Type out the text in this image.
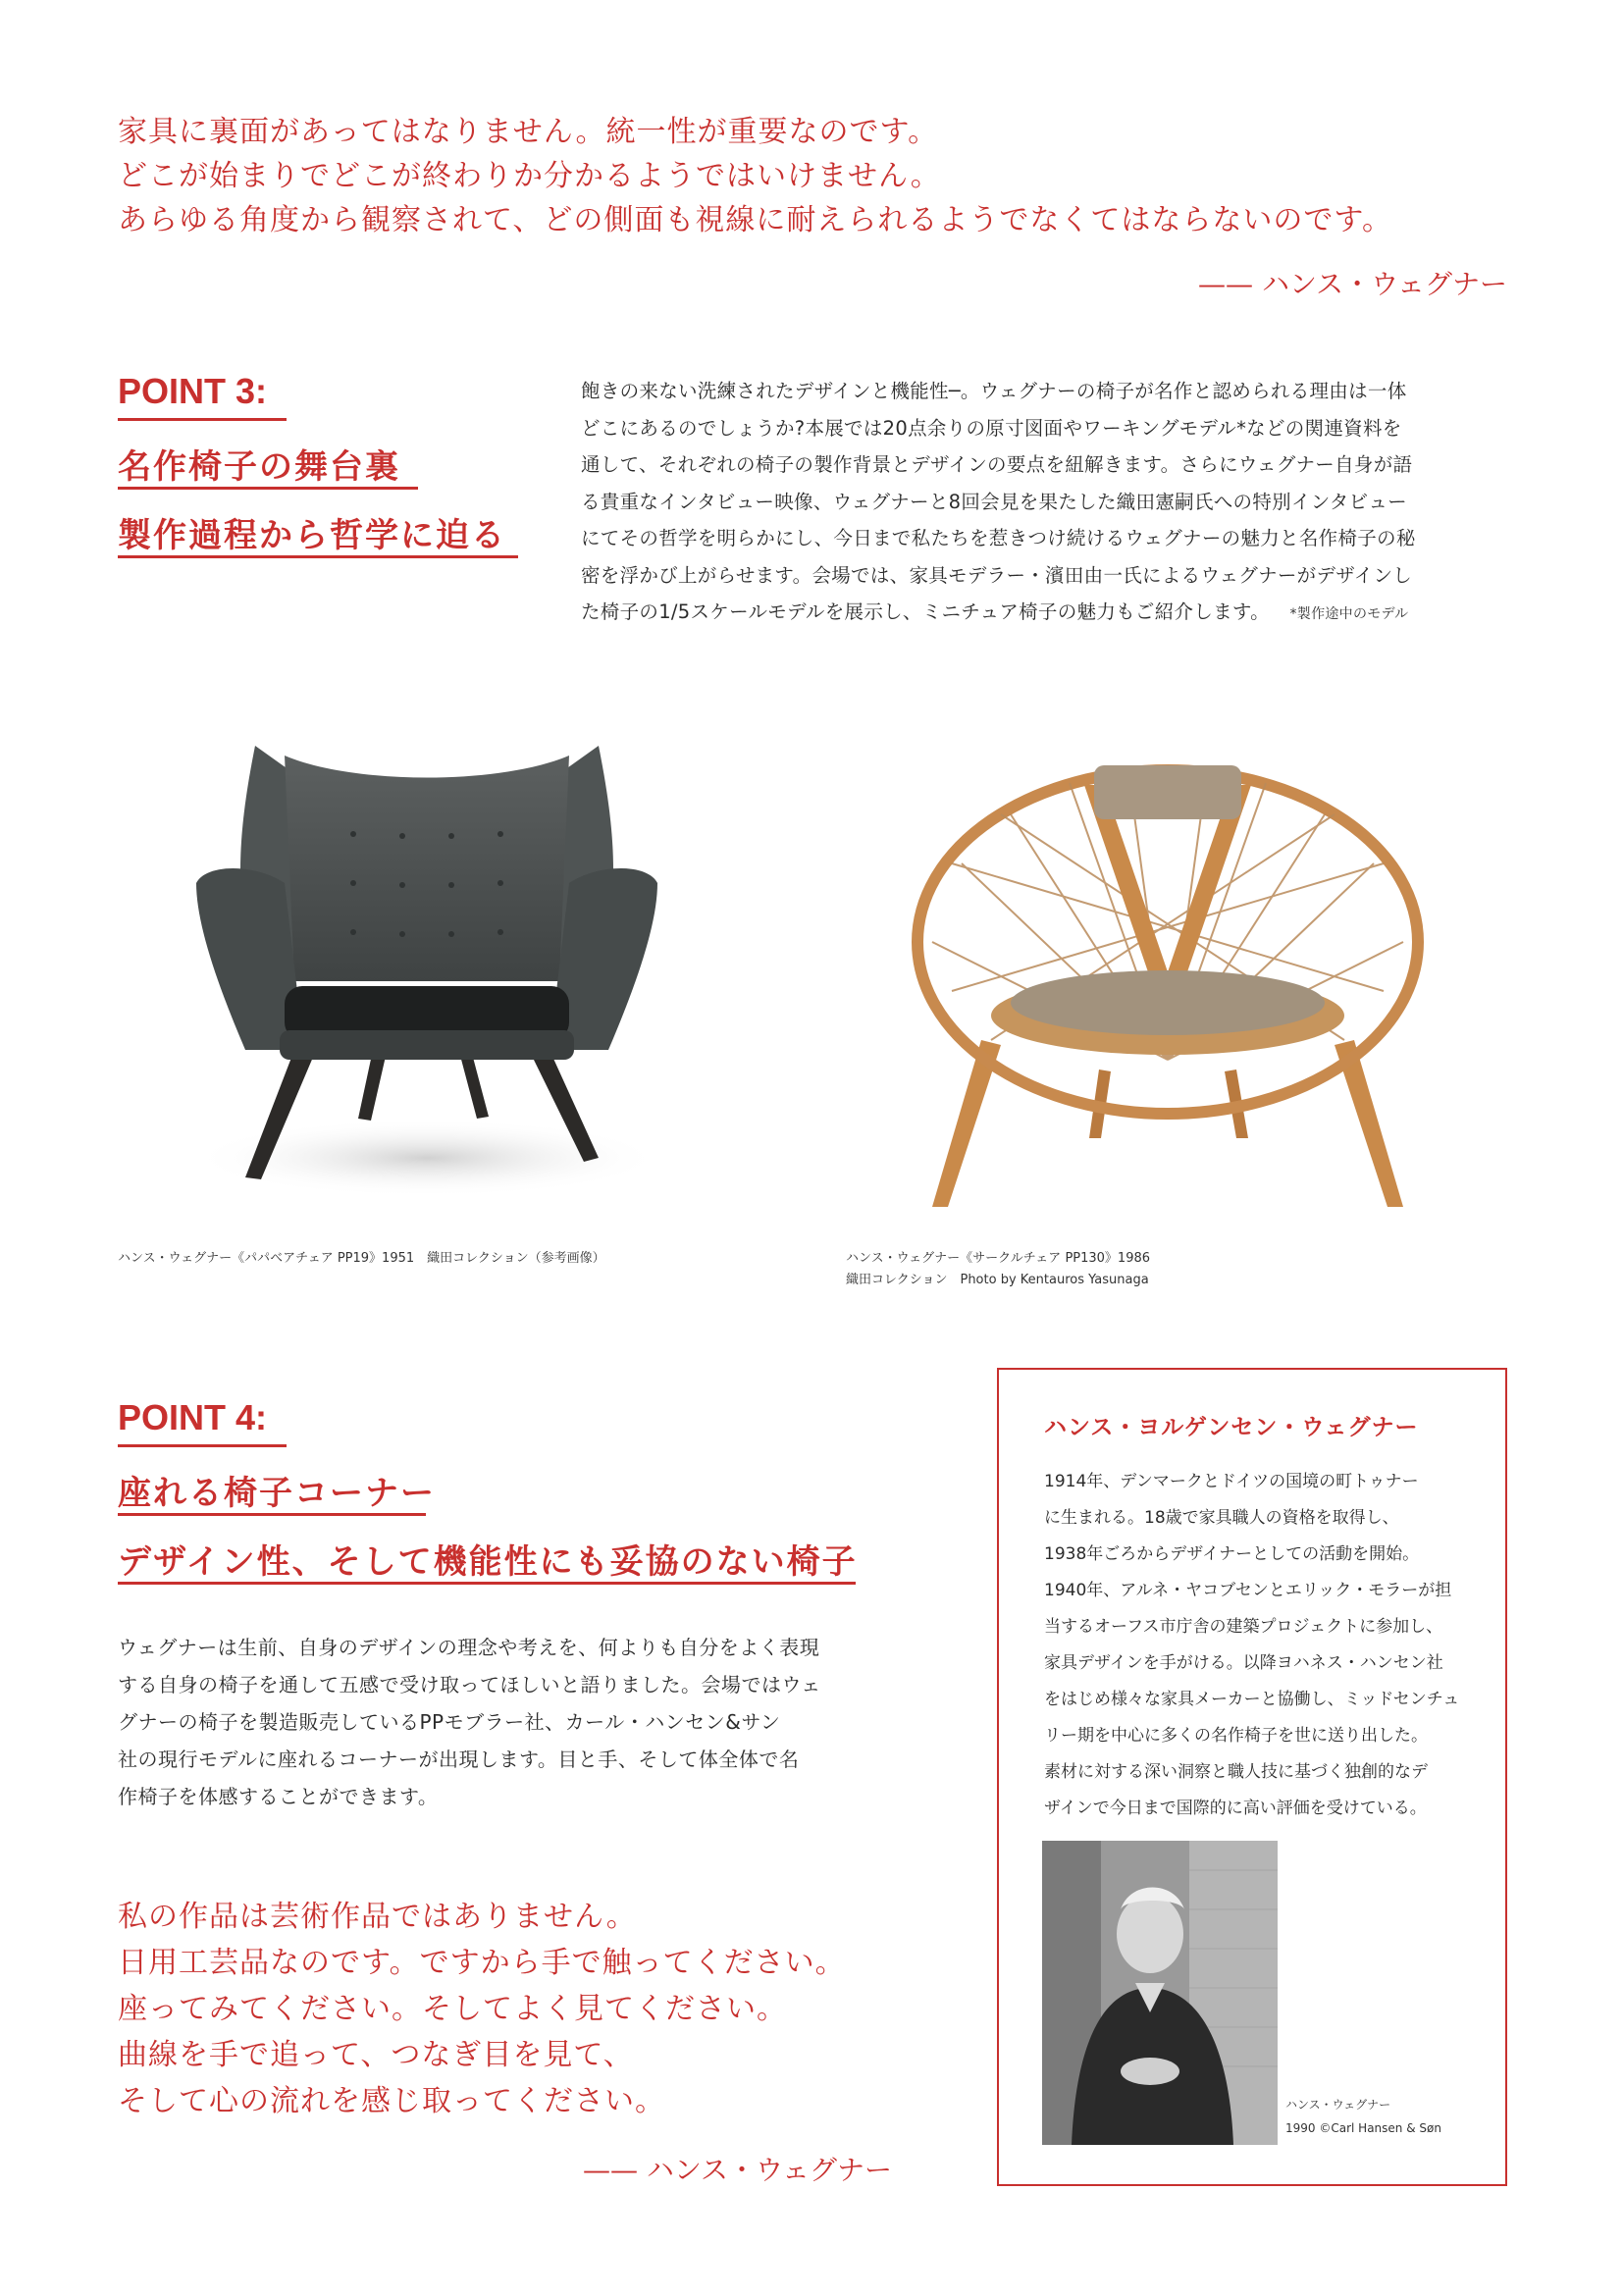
家具に裏面があってはなりません。統一性が重要なのです。
どこが始まりでどこが終わりか分かるようではいけません。
あらゆる角度から観察されて、どの側面も視線に耐えられるようでなくてはならないのです。
—— ハンス・ウェグナー
POINT 3:
名作椅子の舞台裏
製作過程から哲学に迫る
飽きの来ない洗練されたデザインと機能性─。ウェグナーの椅子が名作と認められる理由は一体
どこにあるのでしょうか?本展では20点余りの原寸図面やワーキングモデル*などの関連資料を
通して、それぞれの椅子の製作背景とデザインの要点を紐解きます。さらにウェグナー自身が語
る貴重なインタビュー映像、ウェグナーと8回会見を果たした織田憲嗣氏への特別インタビュー
にてその哲学を明らかにし、今日まで私たちを惹きつけ続けるウェグナーの魅力と名作椅子の秘
密を浮かび上がらせます。会場では、家具モデラー・濱田由一氏によるウェグナーがデザインし
た椅子の1/5スケールモデルを展示し、ミニチュア椅子の魅力もご紹介します。 *製作途中のモデル
ハンス・ウェグナー《パパベアチェア PP19》1951　織田コレクション（参考画像）	ハンス・ウェグナー《サークルチェア PP130》1986
織田コレクション　Photo by Kentauros Yasunaga
POINT 4:
座れる椅子コーナー
デザイン性、そして機能性にも妥協のない椅子
ウェグナーは生前、自身のデザインの理念や考えを、何よりも自分をよく表現
する自身の椅子を通して五感で受け取ってほしいと語りました。会場ではウェ
グナーの椅子を製造販売しているPPモブラー社、カール・ハンセン&サン
社の現行モデルに座れるコーナーが出現します。目と手、そして体全体で名
作椅子を体感することができます。
私の作品は芸術作品ではありません。
日用工芸品なのです。ですから手で触ってください。
座ってみてください。そしてよく見てください。
曲線を手で追って、つなぎ目を見て、
そして心の流れを感じ取ってください。
—— ハンス・ウェグナー
ハンス・ヨルゲンセン・ウェグナー
1914年、デンマークとドイツの国境の町トゥナー
に生まれる。18歳で家具職人の資格を取得し、
1938年ごろからデザイナーとしての活動を開始。
1940年、アルネ・ヤコブセンとエリック・モラーが担
当するオーフス市庁舎の建築プロジェクトに参加し、
家具デザインを手がける。以降ヨハネス・ハンセン社
をはじめ様々な家具メーカーと協働し、ミッドセンチュ
リー期を中心に多くの名作椅子を世に送り出した。
素材に対する深い洞察と職人技に基づく独創的なデ
ザインで今日まで国際的に高い評価を受けている。
ハンス・ウェグナー
1990 ©Carl Hansen & Søn
